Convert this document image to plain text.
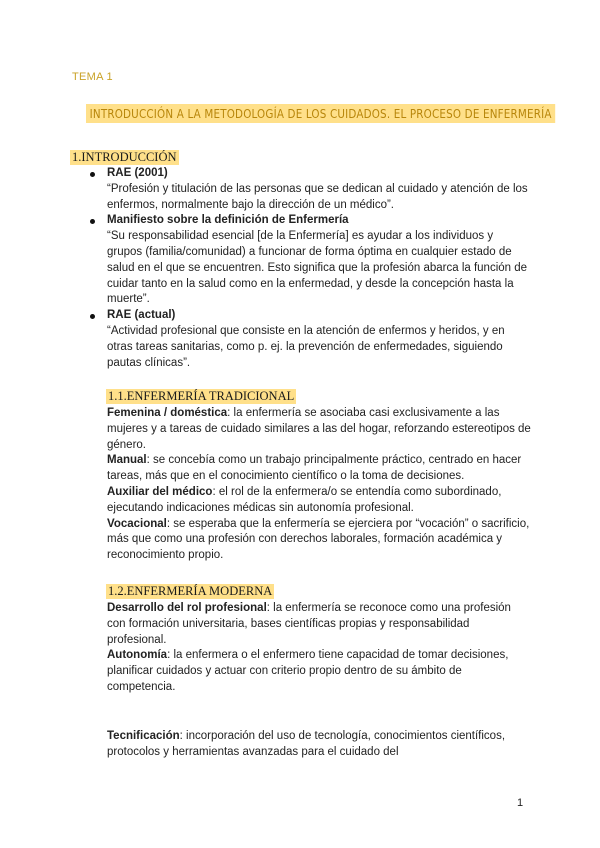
TEMA 1
INTRODUCCIÓN A LA METODOLOGÍA DE LOS CUIDADOS. EL PROCESO DE ENFERMERÍA
1.INTRODUCCIÓN
RAE (2001)
“Profesión y titulación de las personas que se dedican al cuidado y atención de los enfermos, normalmente bajo la dirección de un médico”.
Manifiesto sobre la definición de Enfermería
“Su responsabilidad esencial [de la Enfermería] es ayudar a los individuos y grupos (familia/comunidad) a funcionar de forma óptima en cualquier estado de salud en el que se encuentren. Esto significa que la profesión abarca la función de cuidar tanto en la salud como en la enfermedad, y desde la concepción hasta la muerte”.
RAE (actual)
“Actividad profesional que consiste en la atención de enfermos y heridos, y en otras tareas sanitarias, como p. ej. la prevención de enfermedades, siguiendo pautas clínicas”.
1.1.ENFERMERÍA TRADICIONAL

Femenina / doméstica: la enfermería se asociaba casi exclusivamente a las mujeres y a tareas de cuidado similares a las del hogar, reforzando estereotipos de género.

Manual: se concebía como un trabajo principalmente práctico, centrado en hacer tareas, más que en el conocimiento científico o la toma de decisiones.

Auxiliar del médico: el rol de la enfermera/o se entendía como subordinado, ejecutando indicaciones médicas sin autonomía profesional.

Vocacional: se esperaba que la enfermería se ejerciera por “vocación” o sacrificio, más que como una profesión con derechos laborales, formación académica y reconocimiento propio.

1.2.ENFERMERÍA MODERNA

Desarrollo del rol profesional: la enfermería se reconoce como una profesión con formación universitaria, bases científicas propias y responsabilidad profesional.

Autonomía: la enfermera o el enfermero tiene capacidad de tomar decisiones, planificar cuidados y actuar con criterio propio dentro de su ámbito de competencia.

Tecnificación: incorporación del uso de tecnología, conocimientos científicos, protocolos y herramientas avanzadas para el cuidado del

1
